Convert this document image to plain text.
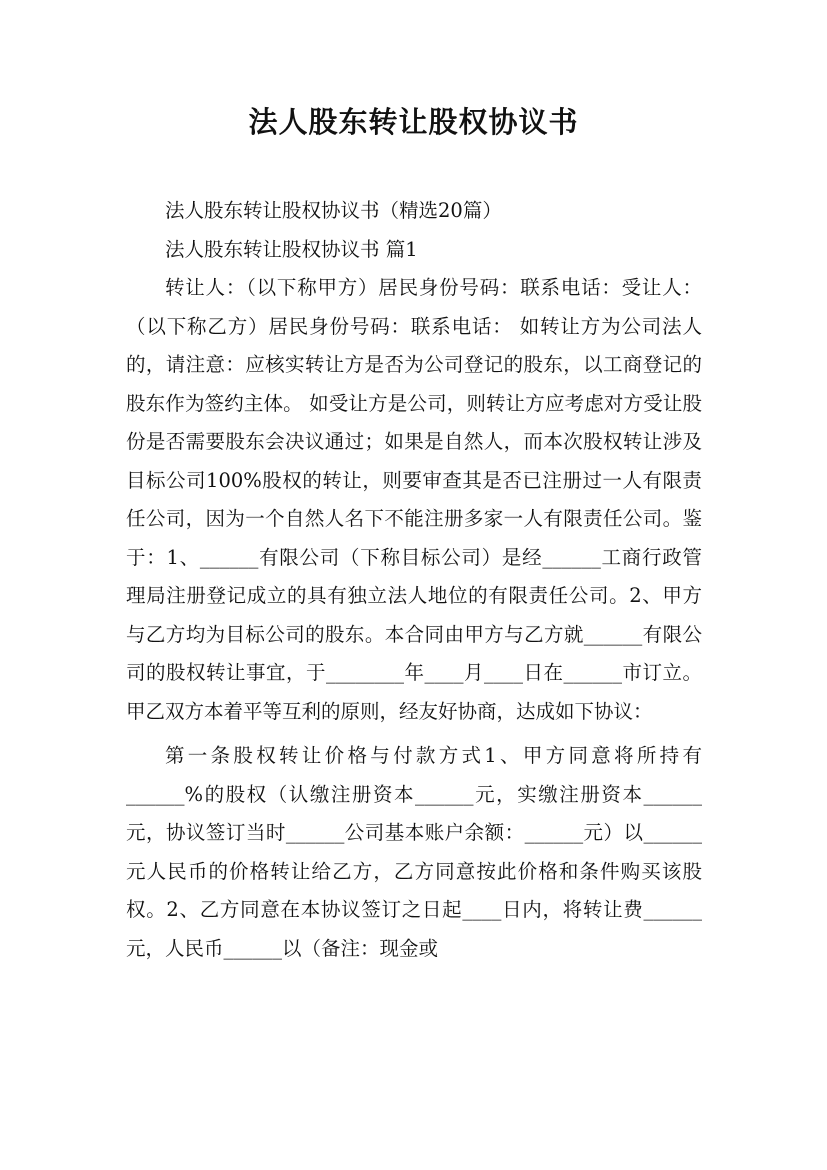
法人股东转让股权协议书

法人股东转让股权协议书（精选20篇）

法人股东转让股权协议书 篇1

转让人：（以下称甲方）居民身份号码：联系电话：受让人：（以下称乙方）居民身份号码：联系电话： 如转让方为公司法人的，请注意：应核实转让方是否为公司登记的股东，以工商登记的股东作为签约主体。 如受让方是公司，则转让方应考虑对方受让股份是否需要股东会决议通过；如果是自然人，而本次股权转让涉及目标公司100%股权的转让，则要审查其是否已注册过一人有限责任公司，因为一个自然人名下不能注册多家一人有限责任公司。鉴于：1、______有限公司（下称目标公司）是经______工商行政管理局注册登记成立的具有独立法人地位的有限责任公司。2、甲方与乙方均为目标公司的股东。本合同由甲方与乙方就______有限公司的股权转让事宜，于________年____月____日在______市订立。甲乙双方本着平等互利的原则，经友好协商，达成如下协议：

第一条股权转让价格与付款方式1、甲方同意将所持有______%的股权（认缴注册资本______元，实缴注册资本______元，协议签订当时______公司基本账户余额：______元）以______元人民币的价格转让给乙方，乙方同意按此价格和条件购买该股权。2、乙方同意在本协议签订之日起____日内，将转让费______元，人民币______以（备注：现金或
